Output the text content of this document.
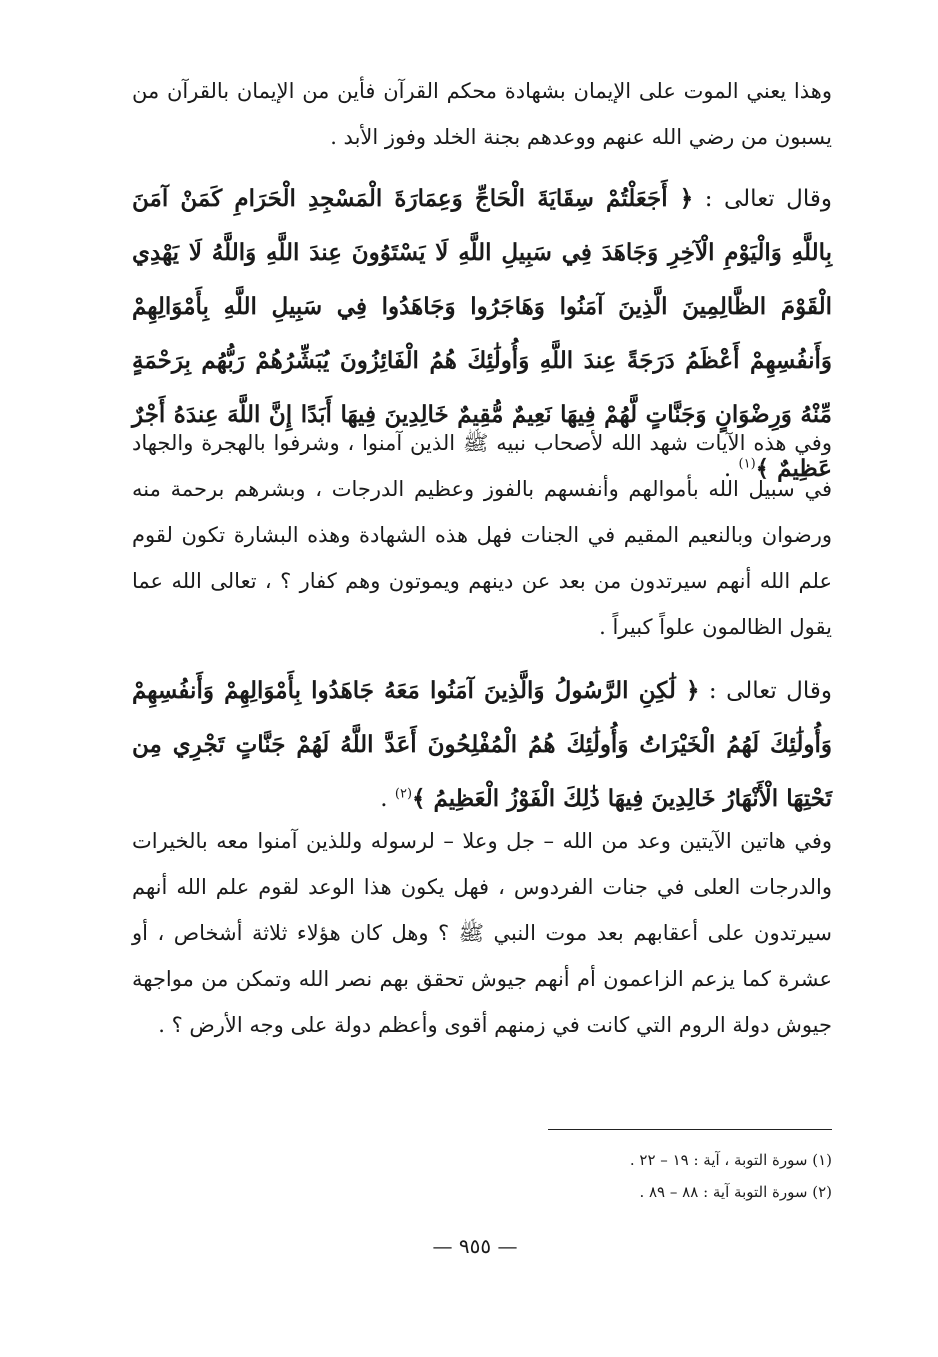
وهذا يعني الموت على الإيمان بشهادة محكم القرآن فأين من الإيمان بالقرآن من يسبون من رضي الله عنهم ووعدهم بجنة الخلد وفوز الأبد .

وقال تعالى : ﴿ أَجَعَلْتُمْ سِقَايَةَ الْحَاجِّ وَعِمَارَةَ الْمَسْجِدِ الْحَرَامِ كَمَنْ آمَنَ بِاللَّهِ وَالْيَوْمِ الْآخِرِ وَجَاهَدَ فِي سَبِيلِ اللَّهِ لَا يَسْتَوُونَ عِندَ اللَّهِ وَاللَّهُ لَا يَهْدِي الْقَوْمَ الظَّالِمِينَ الَّذِينَ آمَنُوا وَهَاجَرُوا وَجَاهَدُوا فِي سَبِيلِ اللَّهِ بِأَمْوَالِهِمْ وَأَنفُسِهِمْ أَعْظَمُ دَرَجَةً عِندَ اللَّهِ وَأُولَٰئِكَ هُمُ الْفَائِزُونَ يُبَشِّرُهُمْ رَبُّهُم بِرَحْمَةٍ مِّنْهُ وَرِضْوَانٍ وَجَنَّاتٍ لَّهُمْ فِيهَا نَعِيمٌ مُّقِيمٌ خَالِدِينَ فِيهَا أَبَدًا إِنَّ اللَّهَ عِندَهُ أَجْرٌ عَظِيمٌ ﴾$^{(١)}$ .

وفي هذه الآيات شهد الله لأصحاب نبيه ﷺ الذين آمنوا ، وشرفوا بالهجرة والجهاد في سبيل الله بأموالهم وأنفسهم بالفوز وعظيم الدرجات ، وبشرهم برحمة منه ورضوان وبالنعيم المقيم في الجنات فهل هذه الشهادة وهذه البشارة تكون لقوم علم الله أنهم سيرتدون من بعد عن دينهم ويموتون وهم كفار ؟ ، تعالى الله عما يقول الظالمون علواً كبيراً .

وقال تعالى : ﴿ لَٰكِنِ الرَّسُولُ وَالَّذِينَ آمَنُوا مَعَهُ جَاهَدُوا بِأَمْوَالِهِمْ وَأَنفُسِهِمْ وَأُولَٰئِكَ لَهُمُ الْخَيْرَاتُ وَأُولَٰئِكَ هُمُ الْمُفْلِحُونَ أَعَدَّ اللَّهُ لَهُمْ جَنَّاتٍ تَجْرِي مِن تَحْتِهَا الْأَنْهَارُ خَالِدِينَ فِيهَا ذَٰلِكَ الْفَوْزُ الْعَظِيمُ ﴾$^{(٢)}$ .

وفي هاتين الآيتين وعد من الله – جل وعلا – لرسوله وللذين آمنوا معه بالخيرات والدرجات العلى في جنات الفردوس ، فهل يكون هذا الوعد لقوم علم الله أنهم سيرتدون على أعقابهم بعد موت النبي ﷺ ؟ وهل كان هؤلاء ثلاثة أشخاص ، أو عشرة كما يزعم الزاعمون أم أنهم جيوش تحقق بهم نصر الله وتمكن من مواجهة جيوش دولة الروم التي كانت في زمنهم أقوى وأعظم دولة على وجه الأرض ؟ .

(١) سورة التوبة ، آية : ١٩ – ٢٢ .

(٢) سورة التوبة آية : ٨٨ – ٨٩ .

— ٩٥٥ —
